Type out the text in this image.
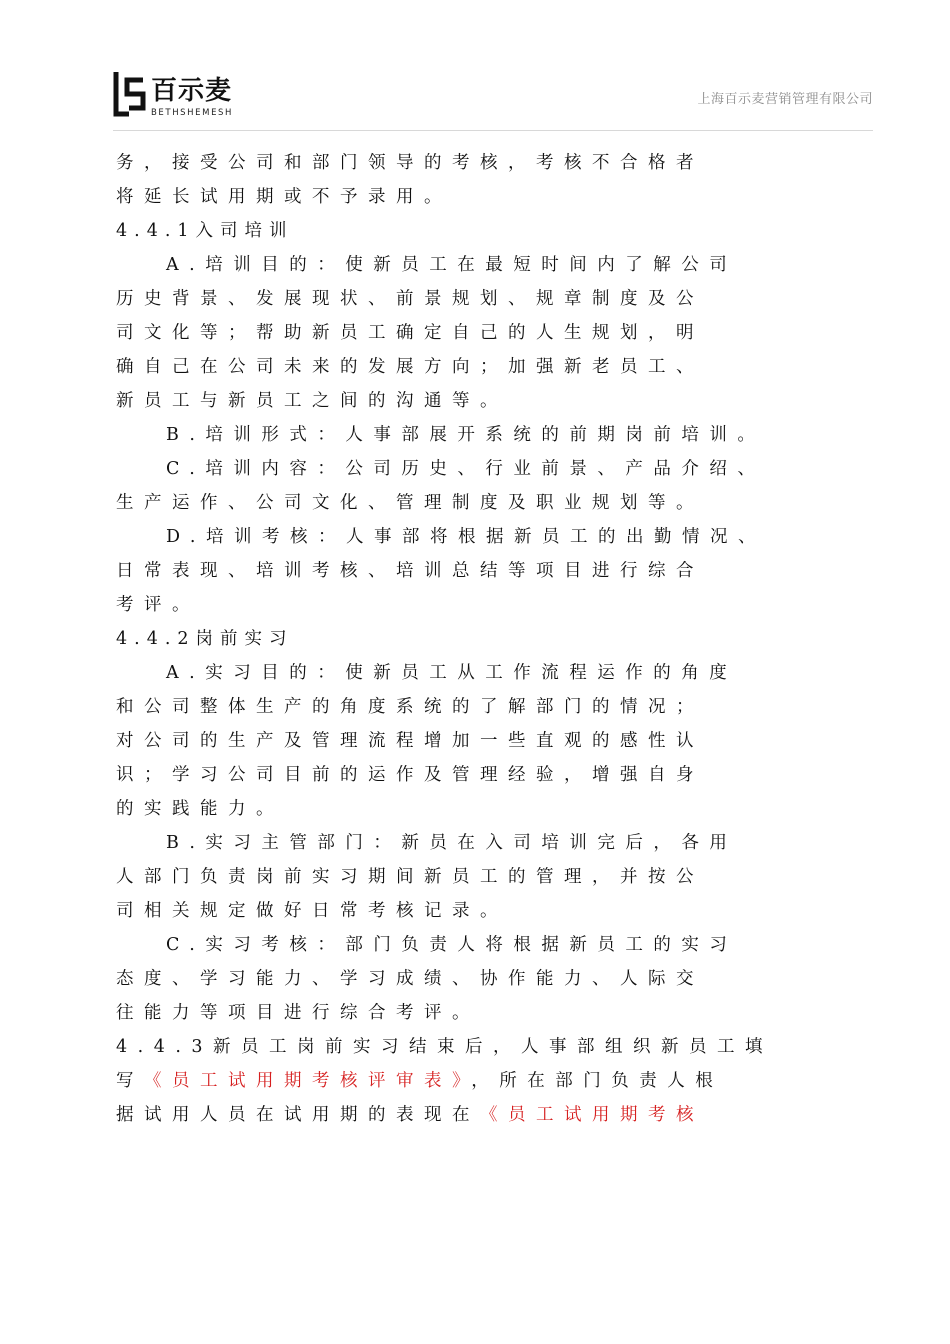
百示麦
BETHSHEMESH
上海百示麦营销管理有限公司
务，接受公司和部门领导的考核，考核不合格者
将延长试用期或不予录用。
4.4.1入司培训
A.培训目的：使新员工在最短时间内了解公司
历史背景、发展现状、前景规划、规章制度及公
司文化等；帮助新员工确定自己的人生规划，明
确自己在公司未来的发展方向；加强新老员工、
新员工与新员工之间的沟通等。
B.培训形式：人事部展开系统的前期岗前培训。
C.培训内容：公司历史、行业前景、产品介绍、
生产运作、公司文化、管理制度及职业规划等。
D.培训考核：人事部将根据新员工的出勤情况、
日常表现、培训考核、培训总结等项目进行综合
考评。
4.4.2岗前实习
A.实习目的：使新员工从工作流程运作的角度
和公司整体生产的角度系统的了解部门的情况；
对公司的生产及管理流程增加一些直观的感性认
识；学习公司目前的运作及管理经验，增强自身
的实践能力。
B.实习主管部门：新员在入司培训完后，各用
人部门负责岗前实习期间新员工的管理，并按公
司相关规定做好日常考核记录。
C.实习考核：部门负责人将根据新员工的实习
态度、学习能力、学习成绩、协作能力、人际交
往能力等项目进行综合考评。
4.4.3新员工岗前实习结束后，人事部组织新员工填
写《员工试用期考核评审表》，所在部门负责人根
据试用人员在试用期的表现在《员工试用期考核
